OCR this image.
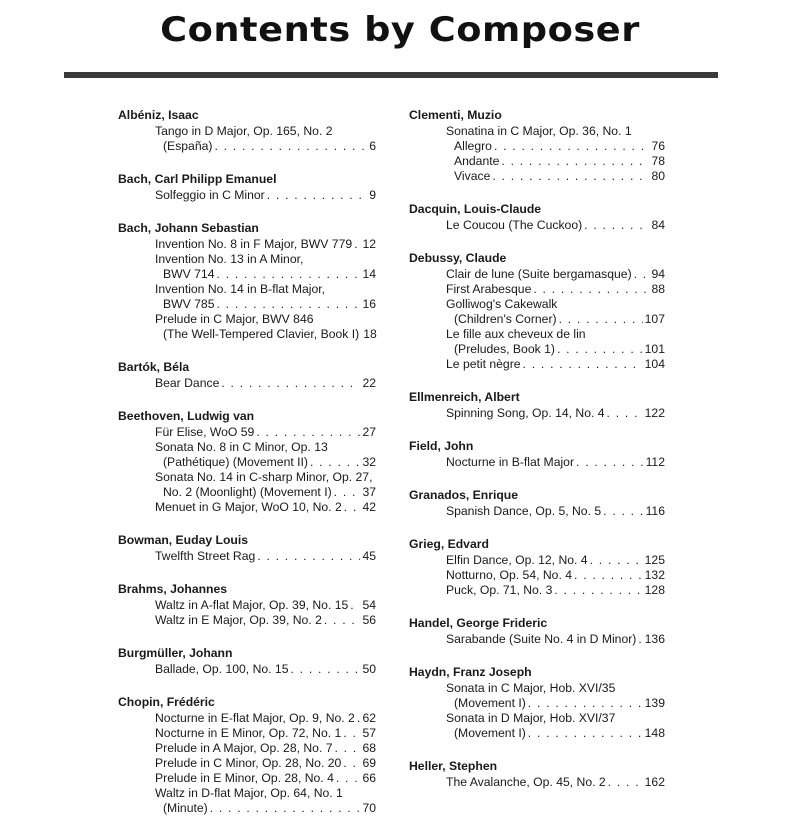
Contents by Composer
Albéniz, Isaac
Tango in D Major, Op. 165, No. 2
(España) . . .	6
Bach, Carl Philipp Emanuel
Solfeggio in C Minor . . .	9
Bach, Johann Sebastian
Invention No. 8 in F Major, BWV 779 . . . 12
Invention No. 13 in A Minor,
BWV 714 . . .	14
Invention No. 14 in B-flat Major,
BWV 785 . . .	16
Prelude in C Major, BWV 846
(The Well-Tempered Clavier, Book I) . . . 18
Bartók, Béla
Bear Dance . . .	22
Beethoven, Ludwig van
Für Elise, WoO 59 . . .	27
Sonata No. 8 in C Minor, Op. 13
(Pathétique) (Movement II) . . .	32
Sonata No. 14 in C-sharp Minor, Op. 27,
No. 2 (Moonlight) (Movement I) . . .	37
Menuet in G Major, WoO 10, No. 2 . . . 42
Bowman, Euday Louis
Twelfth Street Rag . . .	45
Brahms, Johannes
Waltz in A-flat Major, Op. 39, No. 15 . . . 54
Waltz in E Major, Op. 39, No. 2 . . .	56
Burgmüller, Johann
Ballade, Op. 100, No. 15 . . .	50
Chopin, Frédéric
Nocturne in E-flat Major, Op. 9, No. 2 . . . 62
Nocturne in E Minor, Op. 72, No. 1 . . . 57
Prelude in A Major, Op. 28, No. 7 . . . 68
Prelude in C Minor, Op. 28, No. 20 . . . 69
Prelude in E Minor, Op. 28, No. 4 . . . 66
Waltz in D-flat Major, Op. 64, No. 1
(Minute) . . .	70
Clementi, Muzio
Sonatina in C Major, Op. 36, No. 1
Allegro . . .	76
Andante . . .	78
Vivace . . .	80
Dacquin, Louis-Claude
Le Coucou (The Cuckoo) . . .	84
Debussy, Claude
Clair de lune (Suite bergamasque) . . . 94
First Arabesque . . .	88
Golliwog's Cakewalk
(Children's Corner) . . .	107
Le fille aux cheveux de lin
(Preludes, Book 1) . . .	101
Le petit nègre . . .	104
Ellmenreich, Albert
Spinning Song, Op. 14, No. 4 . . .	122
Field, John
Nocturne in B-flat Major . . .	112
Granados, Enrique
Spanish Dance, Op. 5, No. 5 . . .	116
Grieg, Edvard
Elfin Dance, Op. 12, No. 4 . . .	125
Notturno, Op. 54, No. 4 . . .	132
Puck, Op. 71, No. 3 . . .	128
Handel, George Frideric
Sarabande (Suite No. 4 in D Minor) . . . 136
Haydn, Franz Joseph
Sonata in C Major, Hob. XVI/35
(Movement I) . . .	139
Sonata in D Major, Hob. XVI/37
(Movement I) . . .	148
Heller, Stephen
The Avalanche, Op. 45, No. 2 . . .	162
